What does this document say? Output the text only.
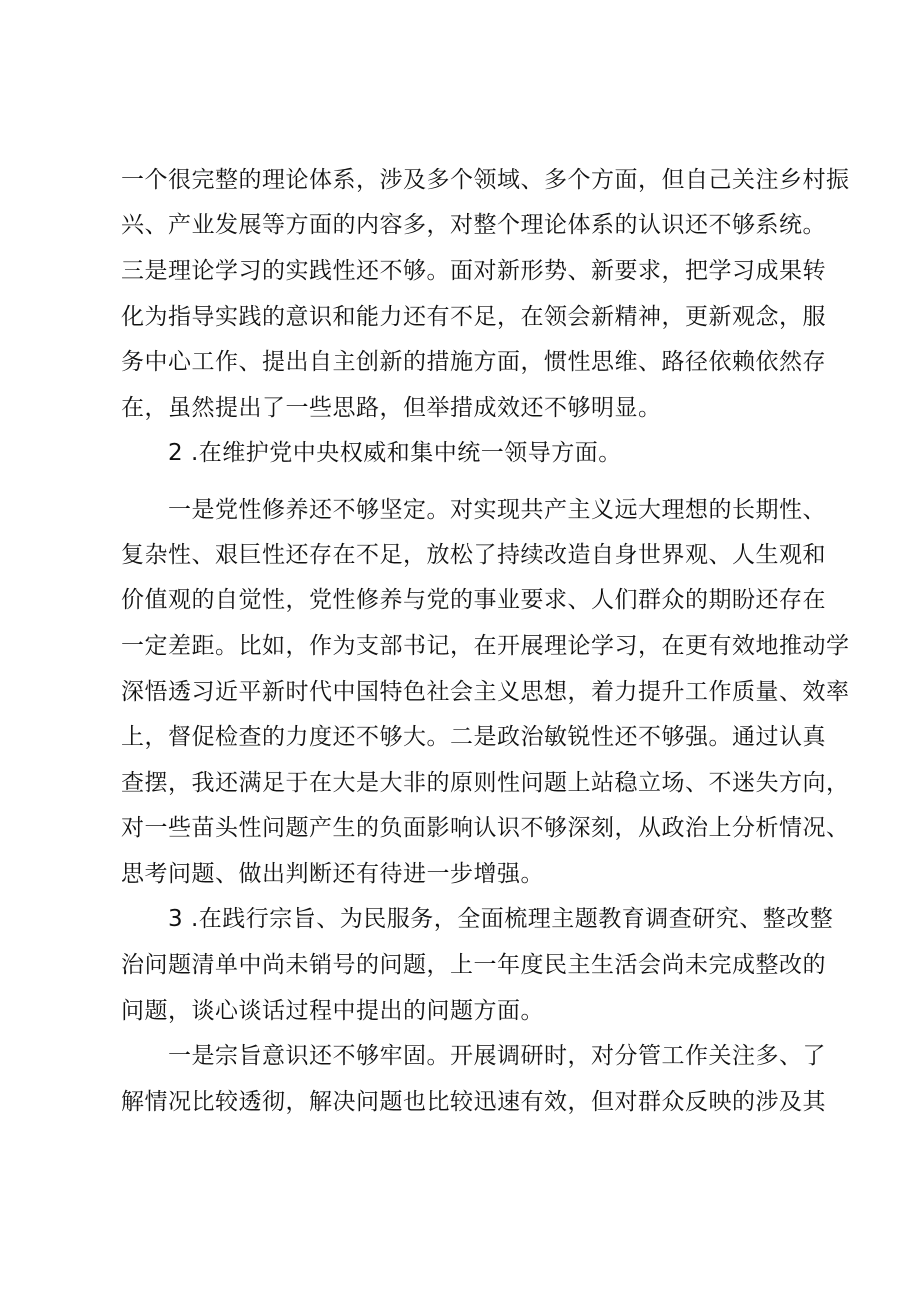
一个很完整的理论体系，涉及多个领域、多个方面，但自己关注乡村振
兴、产业发展等方面的内容多，对整个理论体系的认识还不够系统。
三是理论学习的实践性还不够。面对新形势、新要求，把学习成果转
化为指导实践的意识和能力还有不足，在领会新精神，更新观念，服
务中心工作、提出自主创新的措施方面，惯性思维、路径依赖依然存
在，虽然提出了一些思路，但举措成效还不够明显。
2 .在维护党中央权威和集中统一领导方面。
一是党性修养还不够坚定。对实现共产主义远大理想的长期性、
复杂性、艰巨性还存在不足，放松了持续改造自身世界观、人生观和
价值观的自觉性，党性修养与党的事业要求、人们群众的期盼还存在
一定差距。比如，作为支部书记，在开展理论学习，在更有效地推动学
深悟透习近平新时代中国特色社会主义思想，着力提升工作质量、效率
上，督促检查的力度还不够大。二是政治敏锐性还不够强。通过认真
查摆，我还满足于在大是大非的原则性问题上站稳立场、不迷失方向，
对一些苗头性问题产生的负面影响认识不够深刻，从政治上分析情况、
思考问题、做出判断还有待进一步增强。
3 .在践行宗旨、为民服务，全面梳理主题教育调查研究、整改整
治问题清单中尚未销号的问题，上一年度民主生活会尚未完成整改的
问题，谈心谈话过程中提出的问题方面。
一是宗旨意识还不够牢固。开展调研时，对分管工作关注多、了
解情况比较透彻，解决问题也比较迅速有效，但对群众反映的涉及其
